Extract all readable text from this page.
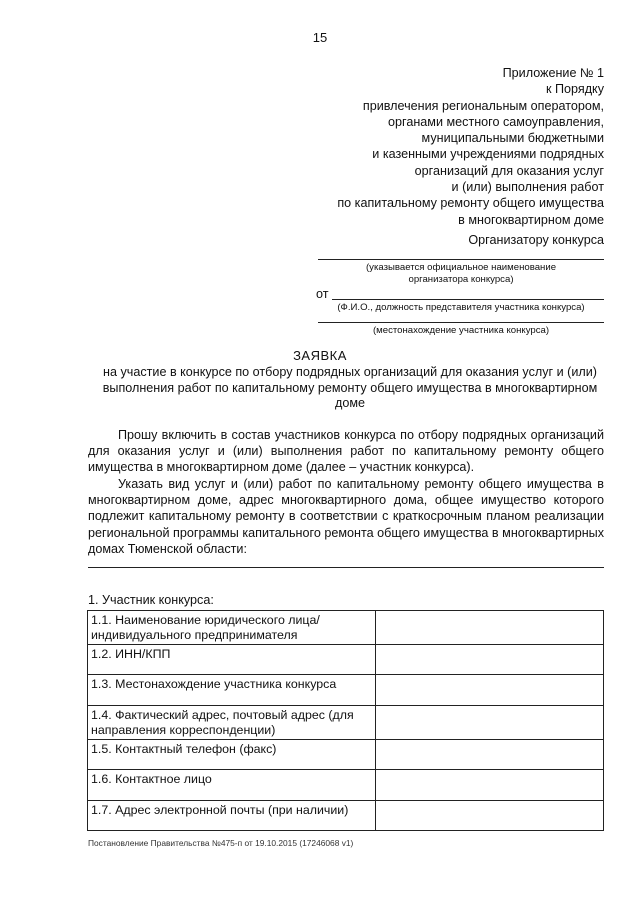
15
Приложение № 1
к Порядку
привлечения региональным оператором,
органами местного самоуправления,
муниципальными бюджетными
и казенными учреждениями подрядных
организаций для оказания услуг
и (или) выполнения работ
по капитальному ремонту общего имущества
в многоквартирном доме
Организатору конкурса
(указывается официальное наименование
организатора конкурса)
от
(Ф.И.О., должность представителя участника конкурса)
(местонахождение участника конкурса)
ЗАЯВКА
на участие в конкурсе по отбору подрядных организаций для оказания услуг и (или) выполнения работ по капитальному ремонту общего имущества в многоквартирном доме
Прошу включить в состав участников конкурса по отбору подрядных организаций для оказания услуг и (или) выполнения работ по капитальному ремонту общего имущества в многоквартирном доме (далее – участник конкурса).
Указать вид услуг и (или) работ по капитальному ремонту общего имущества в многоквартирном доме, адрес многоквартирного дома, общее имущество которого подлежит капитальному ремонту в соответствии с краткосрочным планом реализации региональной программы капитального ремонта общего имущества в многоквартирных домах Тюменской области:
1. Участник конкурса:
1.1. Наименование юридического лица/индивидуального предпринимателя	
1.2. ИНН/КПП	
1.3. Местонахождение участника конкурса	
1.4. Фактический адрес, почтовый адрес (для направления корреспонденции)	
1.5. Контактный телефон (факс)	
1.6. Контактное лицо	
1.7. Адрес электронной почты (при наличии)	
Постановление Правительства №475-п от 19.10.2015 (17246068 v1)
